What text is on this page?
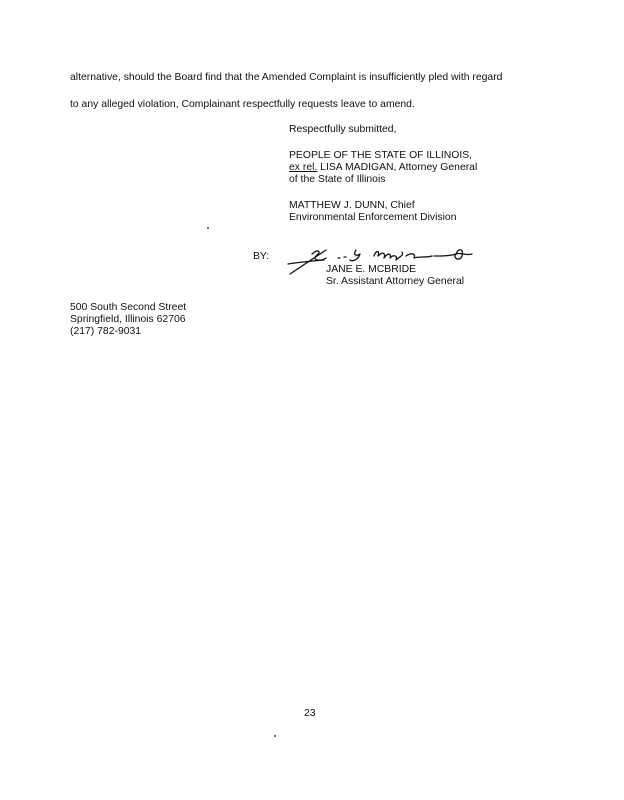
alternative, should the Board find that the Amended Complaint is insufficiently pled with regard
to any alleged violation, Complainant respectfully requests leave to amend.
Respectfully submitted,
PEOPLE OF THE STATE OF ILLINOIS,
ex rel. LISA MADIGAN, Attorney General
of the State of Illinois
MATTHEW J. DUNN, Chief
Environmental Enforcement Division
BY:
JANE E. MCBRIDE
Sr. Assistant Attorney General
500 South Second Street
Springfield, Illinois 62706
(217) 782-9031
23
